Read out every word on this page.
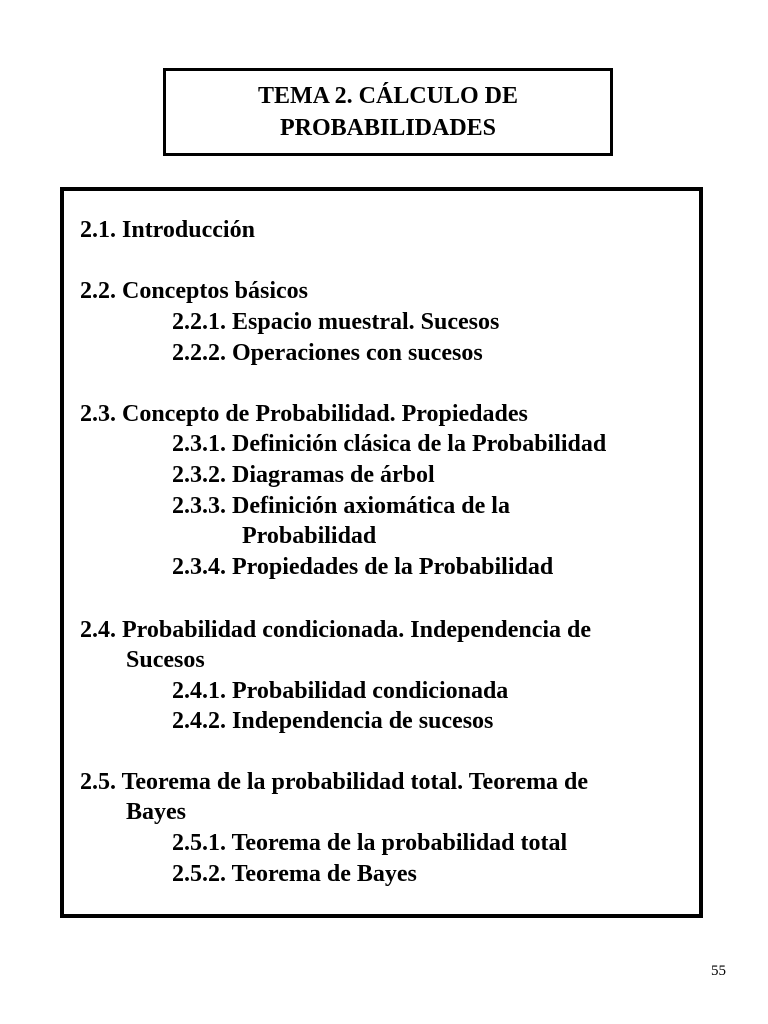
TEMA 2. CÁLCULO DE
PROBABILIDADES
2.1. Introducción
2.2. Conceptos básicos
2.2.1. Espacio muestral. Sucesos
2.2.2. Operaciones con sucesos
2.3. Concepto de Probabilidad. Propiedades
2.3.1. Definición clásica de la Probabilidad
2.3.2. Diagramas de árbol
2.3.3. Definición axiomática de la
Probabilidad
2.3.4. Propiedades de la Probabilidad
2.4. Probabilidad condicionada. Independencia de
Sucesos
2.4.1. Probabilidad condicionada
2.4.2. Independencia de sucesos
2.5. Teorema de la probabilidad total. Teorema de
Bayes
2.5.1. Teorema de la probabilidad total
2.5.2. Teorema de Bayes
55
